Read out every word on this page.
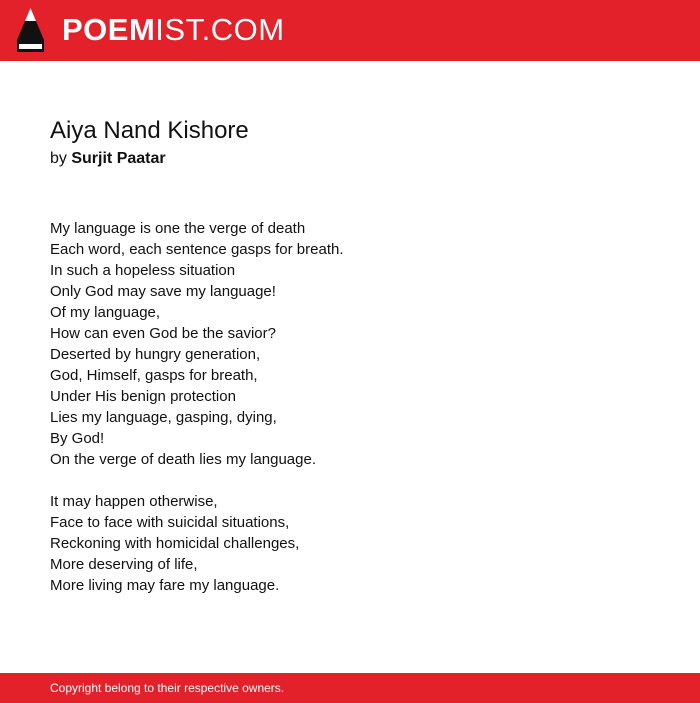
POEMIST.COM
Aiya Nand Kishore
by Surjit Paatar
My language is one the verge of death
Each word, each sentence gasps for breath.
In such a hopeless situation
Only God may save my language!
Of my language,
How can even God be the savior?
Deserted by hungry generation,
God, Himself, gasps for breath,
Under His benign protection
Lies my language, gasping, dying,
By God!
On the verge of death lies my language.
It may happen otherwise,
Face to face with suicidal situations,
Reckoning with homicidal challenges,
More deserving of life,
More living may fare my language.
Copyright belong to their respective owners.
